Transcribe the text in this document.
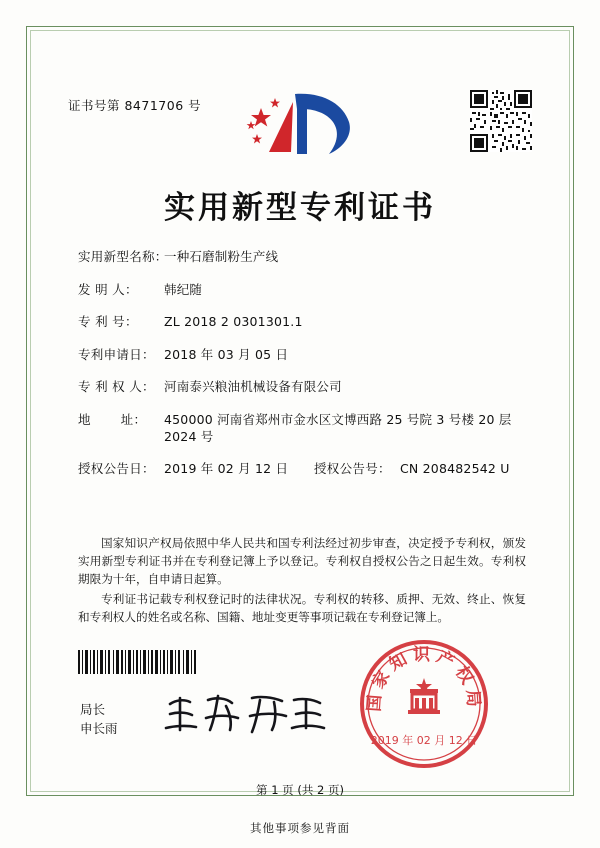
证书号第 8471706 号
实用新型专利证书
实用新型名称：
一种石磨制粉生产线
发 明 人：	韩纪随
专 利 号：	ZL 2018 2 0301301.1
专利申请日： 2018 年 03 月 05 日
专 利 权 人： 河南泰兴粮油机械设备有限公司
地 　　址：	450000 河南省郑州市金水区文博西路 25 号院 3 号楼 20 层 2024 号
授权公告日： 2019 年 02 月 12 日	授权公告号： CN 208482542 U
国家知识产权局依照中华人民共和国专利法经过初步审查，决定授予专利权，颁发实用新型专利证书并在专利登记簿上予以登记。专利权自授权公告之日起生效。专利权期限为十年，自申请日起算。
专利证书记载专利权登记时的法律状况。专利权的转移、质押、无效、终止、恢复和专利权人的姓名或名称、国籍、地址变更等事项记载在专利登记簿上。
局长
申长雨
国家知识产权局
2019 年 02 月 12 日
第 1 页 (共 2 页)
其他事项参见背面
